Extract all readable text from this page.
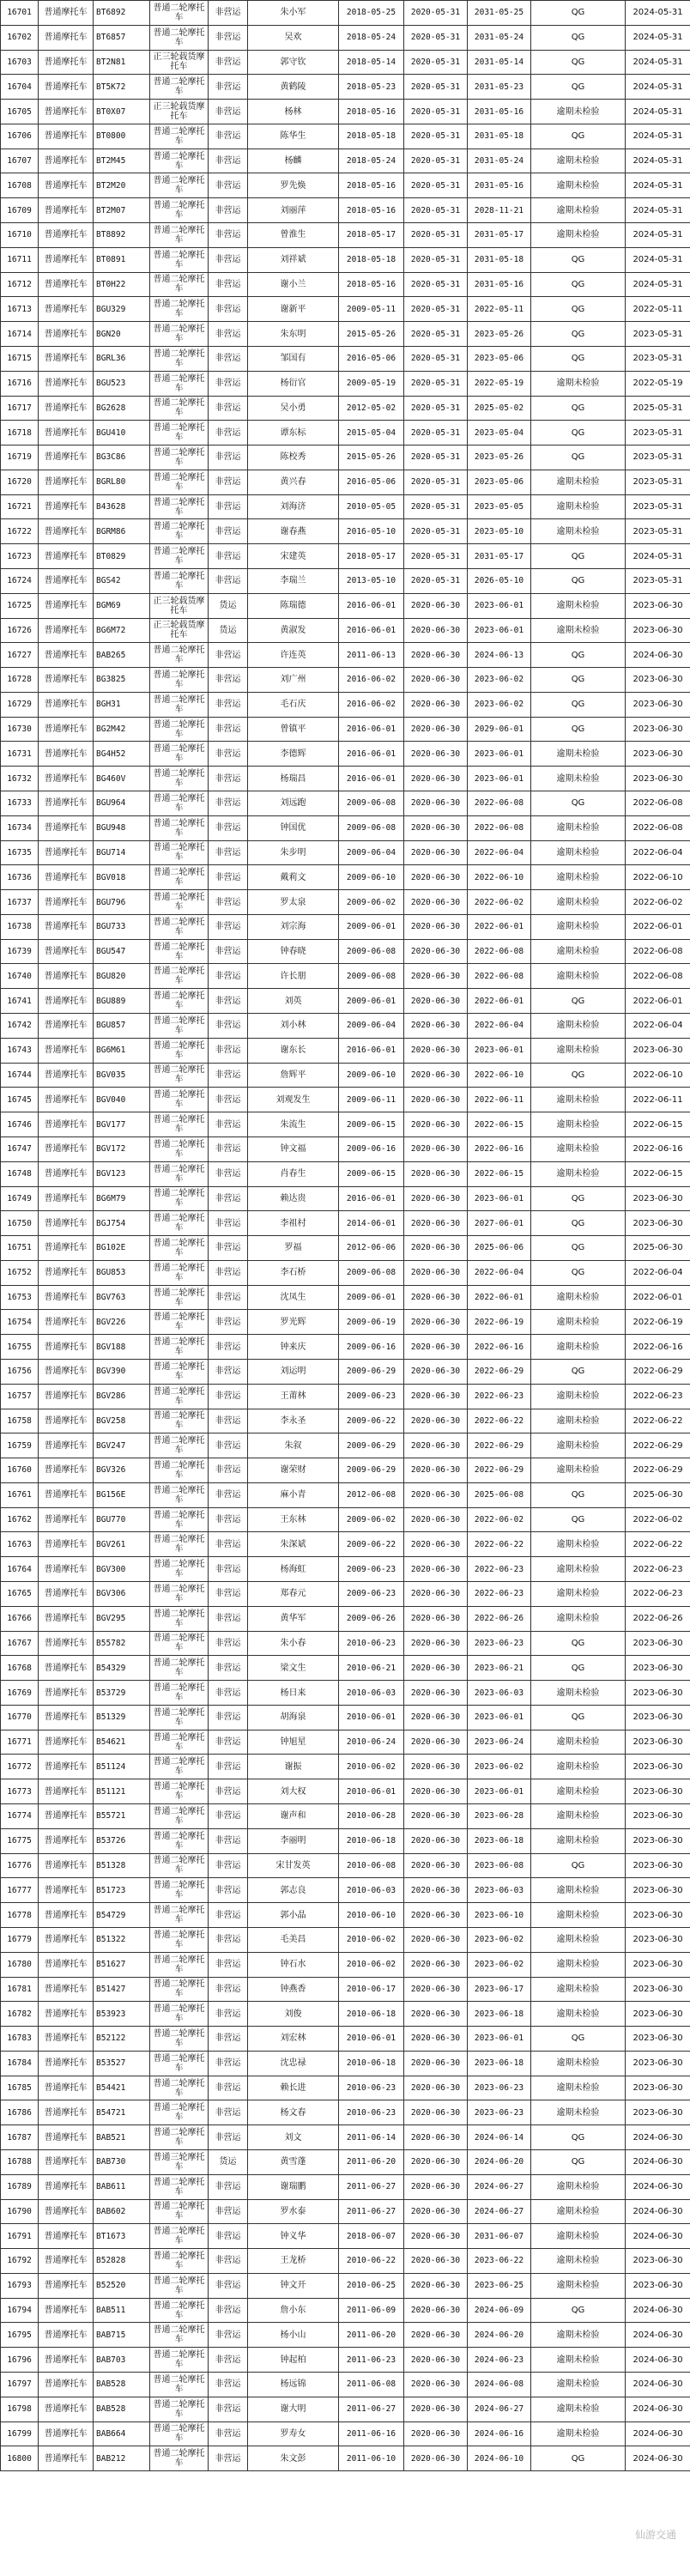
16701	普通摩托车	BT6892	普通二轮摩托车	非营运	朱小军	2018-05-25	2020-05-31	2031-05-25	QG	2024-05-31
16702	普通摩托车	BT6857	普通二轮摩托车	非营运	吴欢	2018-05-24	2020-05-31	2031-05-24	QG	2024-05-31
16703	普通摩托车	BT2N81	正三轮载货摩托车	非营运	郭守钦	2018-05-14	2020-05-31	2031-05-14	QG	2024-05-31
16704	普通摩托车	BT5K72	普通二轮摩托车	非营运	黄鹤陵	2018-05-23	2020-05-31	2031-05-23	QG	2024-05-31
16705	普通摩托车	BT0X07	正三轮载货摩托车	非营运	杨林	2018-05-16	2020-05-31	2031-05-16	逾期未检验	2024-05-31
16706	普通摩托车	BT0800	普通二轮摩托车	非营运	陈华生	2018-05-18	2020-05-31	2031-05-18	QG	2024-05-31
16707	普通摩托车	BT2M45	普通二轮摩托车	非营运	杨麟	2018-05-24	2020-05-31	2031-05-24	逾期未检验	2024-05-31
16708	普通摩托车	BT2M20	普通二轮摩托车	非营运	罗先焕	2018-05-16	2020-05-31	2031-05-16	逾期未检验	2024-05-31
16709	普通摩托车	BT2M07	普通二轮摩托车	非营运	刘丽萍	2018-05-16	2020-05-31	2028-11-21	逾期未检验	2024-05-31
16710	普通摩托车	BT8892	普通二轮摩托车	非营运	曾淮生	2018-05-17	2020-05-31	2031-05-17	逾期未检验	2024-05-31
16711	普通摩托车	BT0891	普通二轮摩托车	非营运	刘祥斌	2018-05-18	2020-05-31	2031-05-18	QG	2024-05-31
16712	普通摩托车	BT0H22	普通二轮摩托车	非营运	谢小兰	2018-05-16	2020-05-31	2031-05-16	QG	2024-05-31
16713	普通摩托车	BGU329	普通二轮摩托车	非营运	谢新平	2009-05-11	2020-05-31	2022-05-11	QG	2022-05-11
16714	普通摩托车	BGN20	普通二轮摩托车	非营运	朱东明	2015-05-26	2020-05-31	2023-05-26	QG	2023-05-31
16715	普通摩托车	BGRL36	普通二轮摩托车	非营运	邹国有	2016-05-06	2020-05-31	2023-05-06	QG	2023-05-31
16716	普通摩托车	BGU523	普通二轮摩托车	非营运	杨衍官	2009-05-19	2020-05-31	2022-05-19	逾期未检验	2022-05-19
16717	普通摩托车	BG2628	普通二轮摩托车	非营运	吴小勇	2012-05-02	2020-05-31	2025-05-02	QG	2025-05-31
16718	普通摩托车	BGU410	普通二轮摩托车	非营运	谭东标	2015-05-04	2020-05-31	2023-05-04	QG	2023-05-31
16719	普通摩托车	BG3C86	普通二轮摩托车	非营运	陈校秀	2015-05-26	2020-05-31	2023-05-26	QG	2023-05-31
16720	普通摩托车	BGRL80	普通二轮摩托车	非营运	黄兴春	2016-05-06	2020-05-31	2023-05-06	逾期未检验	2023-05-31
16721	普通摩托车	B43628	普通二轮摩托车	非营运	刘海济	2010-05-05	2020-05-31	2023-05-05	逾期未检验	2023-05-31
16722	普通摩托车	BGRM86	普通二轮摩托车	非营运	谢春燕	2016-05-10	2020-05-31	2023-05-10	逾期未检验	2023-05-31
16723	普通摩托车	BT0829	普通二轮摩托车	非营运	宋建英	2018-05-17	2020-05-31	2031-05-17	QG	2024-05-31
16724	普通摩托车	BGS42	普通二轮摩托车	非营运	李瑞兰	2013-05-10	2020-05-31	2026-05-10	QG	2023-05-31
16725	普通摩托车	BGM69	正三轮载货摩托车	货运	陈瑞德	2016-06-01	2020-06-30	2023-06-01	逾期未检验	2023-06-30
16726	普通摩托车	BG6M72	正三轮载货摩托车	货运	黄淑发	2016-06-01	2020-06-30	2023-06-01	逾期未检验	2023-06-30
16727	普通摩托车	BAB265	普通二轮摩托车	非营运	许连英	2011-06-13	2020-06-30	2024-06-13	QG	2024-06-30
16728	普通摩托车	BG3825	普通二轮摩托车	非营运	刘广州	2016-06-02	2020-06-30	2023-06-02	QG	2023-06-30
16729	普通摩托车	BGH31	普通二轮摩托车	非营运	毛石庆	2016-06-02	2020-06-30	2023-06-02	QG	2023-06-30
16730	普通摩托车	BG2M42	普通二轮摩托车	非营运	曾镇平	2016-06-01	2020-06-30	2029-06-01	QG	2023-06-30
16731	普通摩托车	BG4H52	普通二轮摩托车	非营运	李德辉	2016-06-01	2020-06-30	2023-06-01	逾期未检验	2023-06-30
16732	普通摩托车	BG460V	普通二轮摩托车	非营运	杨瑞昌	2016-06-01	2020-06-30	2023-06-01	逾期未检验	2023-06-30
16733	普通摩托车	BGU964	普通二轮摩托车	非营运	刘远跑	2009-06-08	2020-06-30	2022-06-08	QG	2022-06-08
16734	普通摩托车	BGU948	普通二轮摩托车	非营运	钟国优	2009-06-08	2020-06-30	2022-06-08	逾期未检验	2022-06-08
16735	普通摩托车	BGU714	普通二轮摩托车	非营运	朱步明	2009-06-04	2020-06-30	2022-06-04	逾期未检验	2022-06-04
16736	普通摩托车	BGV018	普通二轮摩托车	非营运	戴莉文	2009-06-10	2020-06-30	2022-06-10	逾期未检验	2022-06-10
16737	普通摩托车	BGU796	普通二轮摩托车	非营运	罗太泉	2009-06-02	2020-06-30	2022-06-02	逾期未检验	2022-06-02
16738	普通摩托车	BGU733	普通二轮摩托车	非营运	刘宗海	2009-06-01	2020-06-30	2022-06-01	逾期未检验	2022-06-01
16739	普通摩托车	BGU547	普通二轮摩托车	非营运	钟春晓	2009-06-08	2020-06-30	2022-06-08	逾期未检验	2022-06-08
16740	普通摩托车	BGU820	普通二轮摩托车	非营运	许长朋	2009-06-08	2020-06-30	2022-06-08	逾期未检验	2022-06-08
16741	普通摩托车	BGU889	普通二轮摩托车	非营运	刘英	2009-06-01	2020-06-30	2022-06-01	QG	2022-06-01
16742	普通摩托车	BGU857	普通二轮摩托车	非营运	刘小林	2009-06-04	2020-06-30	2022-06-04	逾期未检验	2022-06-04
16743	普通摩托车	BG6M61	普通二轮摩托车	非营运	谢东长	2016-06-01	2020-06-30	2023-06-01	逾期未检验	2023-06-30
16744	普通摩托车	BGV035	普通二轮摩托车	非营运	詹辉平	2009-06-10	2020-06-30	2022-06-10	QG	2022-06-10
16745	普通摩托车	BGV040	普通二轮摩托车	非营运	刘观发生	2009-06-11	2020-06-30	2022-06-11	逾期未检验	2022-06-11
16746	普通摩托车	BGV177	普通二轮摩托车	非营运	朱流生	2009-06-15	2020-06-30	2022-06-15	逾期未检验	2022-06-15
16747	普通摩托车	BGV172	普通二轮摩托车	非营运	钟文福	2009-06-16	2020-06-30	2022-06-16	逾期未检验	2022-06-16
16748	普通摩托车	BGV123	普通二轮摩托车	非营运	肖春生	2009-06-15	2020-06-30	2022-06-15	逾期未检验	2022-06-15
16749	普通摩托车	BG6M79	普通二轮摩托车	非营运	赖达贵	2016-06-01	2020-06-30	2023-06-01	QG	2023-06-30
16750	普通摩托车	BGJ754	普通二轮摩托车	非营运	李祖村	2014-06-01	2020-06-30	2027-06-01	QG	2023-06-30
16751	普通摩托车	BG102E	普通二轮摩托车	非营运	罗福	2012-06-06	2020-06-30	2025-06-06	QG	2025-06-30
16752	普通摩托车	BGU853	普通二轮摩托车	非营运	李石桥	2009-06-08	2020-06-30	2022-06-04	QG	2022-06-04
16753	普通摩托车	BGV763	普通二轮摩托车	非营运	沈凤生	2009-06-01	2020-06-30	2022-06-01	逾期未检验	2022-06-01
16754	普通摩托车	BGV226	普通二轮摩托车	非营运	罗光辉	2009-06-19	2020-06-30	2022-06-19	逾期未检验	2022-06-19
16755	普通摩托车	BGV188	普通二轮摩托车	非营运	钟来庆	2009-06-16	2020-06-30	2022-06-16	逾期未检验	2022-06-16
16756	普通摩托车	BGV390	普通二轮摩托车	非营运	刘运明	2009-06-29	2020-06-30	2022-06-29	QG	2022-06-29
16757	普通摩托车	BGV286	普通二轮摩托车	非营运	王莆林	2009-06-23	2020-06-30	2022-06-23	逾期未检验	2022-06-23
16758	普通摩托车	BGV258	普通二轮摩托车	非营运	李永圣	2009-06-22	2020-06-30	2022-06-22	逾期未检验	2022-06-22
16759	普通摩托车	BGV247	普通二轮摩托车	非营运	朱叙	2009-06-29	2020-06-30	2022-06-29	逾期未检验	2022-06-29
16760	普通摩托车	BGV326	普通二轮摩托车	非营运	谢荣财	2009-06-29	2020-06-30	2022-06-29	逾期未检验	2022-06-29
16761	普通摩托车	BG156E	普通二轮摩托车	非营运	麻小青	2012-06-08	2020-06-30	2025-06-08	QG	2025-06-30
16762	普通摩托车	BGU770	普通二轮摩托车	非营运	王东林	2009-06-02	2020-06-30	2022-06-02	QG	2022-06-02
16763	普通摩托车	BGV261	普通二轮摩托车	非营运	朱深斌	2009-06-22	2020-06-30	2022-06-22	逾期未检验	2022-06-22
16764	普通摩托车	BGV300	普通二轮摩托车	非营运	杨海虹	2009-06-23	2020-06-30	2022-06-23	逾期未检验	2022-06-23
16765	普通摩托车	BGV306	普通二轮摩托车	非营运	郑春元	2009-06-23	2020-06-30	2022-06-23	逾期未检验	2022-06-23
16766	普通摩托车	BGV295	普通二轮摩托车	非营运	黄华军	2009-06-26	2020-06-30	2022-06-26	逾期未检验	2022-06-26
16767	普通摩托车	B55782	普通二轮摩托车	非营运	朱小春	2010-06-23	2020-06-30	2023-06-23	QG	2023-06-30
16768	普通摩托车	B54329	普通二轮摩托车	非营运	梁文生	2010-06-21	2020-06-30	2023-06-21	QG	2023-06-30
16769	普通摩托车	B53729	普通二轮摩托车	非营运	杨日来	2010-06-03	2020-06-30	2023-06-03	逾期未检验	2023-06-30
16770	普通摩托车	B51329	普通二轮摩托车	非营运	胡海泉	2010-06-01	2020-06-30	2023-06-01	QG	2023-06-30
16771	普通摩托车	B54621	普通二轮摩托车	非营运	钟旭星	2010-06-24	2020-06-30	2023-06-24	逾期未检验	2023-06-30
16772	普通摩托车	B51124	普通二轮摩托车	非营运	谢振	2010-06-02	2020-06-30	2023-06-02	逾期未检验	2023-06-30
16773	普通摩托车	B51121	普通二轮摩托车	非营运	刘大权	2010-06-01	2020-06-30	2023-06-01	逾期未检验	2023-06-30
16774	普通摩托车	B55721	普通二轮摩托车	非营运	谢声和	2010-06-28	2020-06-30	2023-06-28	逾期未检验	2023-06-30
16775	普通摩托车	B53726	普通二轮摩托车	非营运	李丽明	2010-06-18	2020-06-30	2023-06-18	逾期未检验	2023-06-30
16776	普通摩托车	B51328	普通二轮摩托车	非营运	宋甘发英	2010-06-08	2020-06-30	2023-06-08	QG	2023-06-30
16777	普通摩托车	B51723	普通二轮摩托车	非营运	郭志良	2010-06-03	2020-06-30	2023-06-03	逾期未检验	2023-06-30
16778	普通摩托车	B54729	普通二轮摩托车	非营运	郭小晶	2010-06-10	2020-06-30	2023-06-10	逾期未检验	2023-06-30
16779	普通摩托车	B51322	普通二轮摩托车	非营运	毛美昌	2010-06-02	2020-06-30	2023-06-02	逾期未检验	2023-06-30
16780	普通摩托车	B51627	普通二轮摩托车	非营运	钟石水	2010-06-02	2020-06-30	2023-06-02	逾期未检验	2023-06-30
16781	普通摩托车	B51427	普通二轮摩托车	非营运	钟燕香	2010-06-17	2020-06-30	2023-06-17	逾期未检验	2023-06-30
16782	普通摩托车	B53923	普通二轮摩托车	非营运	刘俊	2010-06-18	2020-06-30	2023-06-18	逾期未检验	2023-06-30
16783	普通摩托车	B52122	普通二轮摩托车	非营运	刘宏林	2010-06-01	2020-06-30	2023-06-01	QG	2023-06-30
16784	普通摩托车	B53527	普通二轮摩托车	非营运	沈忠禄	2010-06-18	2020-06-30	2023-06-18	逾期未检验	2023-06-30
16785	普通摩托车	B54421	普通二轮摩托车	非营运	赖长进	2010-06-23	2020-06-30	2023-06-23	逾期未检验	2023-06-30
16786	普通摩托车	B54721	普通二轮摩托车	非营运	杨文春	2010-06-23	2020-06-30	2023-06-23	逾期未检验	2023-06-30
16787	普通摩托车	BAB521	普通二轮摩托车	非营运	刘文	2011-06-14	2020-06-30	2024-06-14	QG	2024-06-30
16788	普通摩托车	BAB730	普通三轮摩托车	货运	黄雪蓬	2011-06-20	2020-06-30	2024-06-20	QG	2024-06-30
16789	普通摩托车	BAB611	普通二轮摩托车	非营运	谢瑞鹏	2011-06-27	2020-06-30	2024-06-27	逾期未检验	2024-06-30
16790	普通摩托车	BAB602	普通二轮摩托车	非营运	罗水泰	2011-06-27	2020-06-30	2024-06-27	逾期未检验	2024-06-30
16791	普通摩托车	BT1673	普通二轮摩托车	非营运	钟义华	2018-06-07	2020-06-30	2031-06-07	逾期未检验	2024-06-30
16792	普通摩托车	B52828	普通二轮摩托车	非营运	王龙桥	2010-06-22	2020-06-30	2023-06-22	逾期未检验	2023-06-30
16793	普通摩托车	B52520	普通二轮摩托车	非营运	钟文开	2010-06-25	2020-06-30	2023-06-25	逾期未检验	2023-06-30
16794	普通摩托车	BAB511	普通二轮摩托车	非营运	詹小东	2011-06-09	2020-06-30	2024-06-09	QG	2024-06-30
16795	普通摩托车	BAB715	普通二轮摩托车	非营运	杨小山	2011-06-20	2020-06-30	2024-06-20	逾期未检验	2024-06-30
16796	普通摩托车	BAB703	普通二轮摩托车	非营运	钟起柏	2011-06-23	2020-06-30	2024-06-23	逾期未检验	2024-06-30
16797	普通摩托车	BAB528	普通二轮摩托车	非营运	杨远锦	2011-06-08	2020-06-30	2024-06-08	逾期未检验	2024-06-30
16798	普通摩托车	BAB528	普通二轮摩托车	非营运	谢大明	2011-06-27	2020-06-30	2024-06-27	逾期未检验	2024-06-30
16799	普通摩托车	BAB664	普通二轮摩托车	非营运	罗寿女	2011-06-16	2020-06-30	2024-06-16	逾期未检验	2024-06-30
16800	普通摩托车	BAB212	普通二轮摩托车	非营运	朱文彭	2011-06-10	2020-06-30	2024-06-10	QG	2024-06-30
仙游交通
